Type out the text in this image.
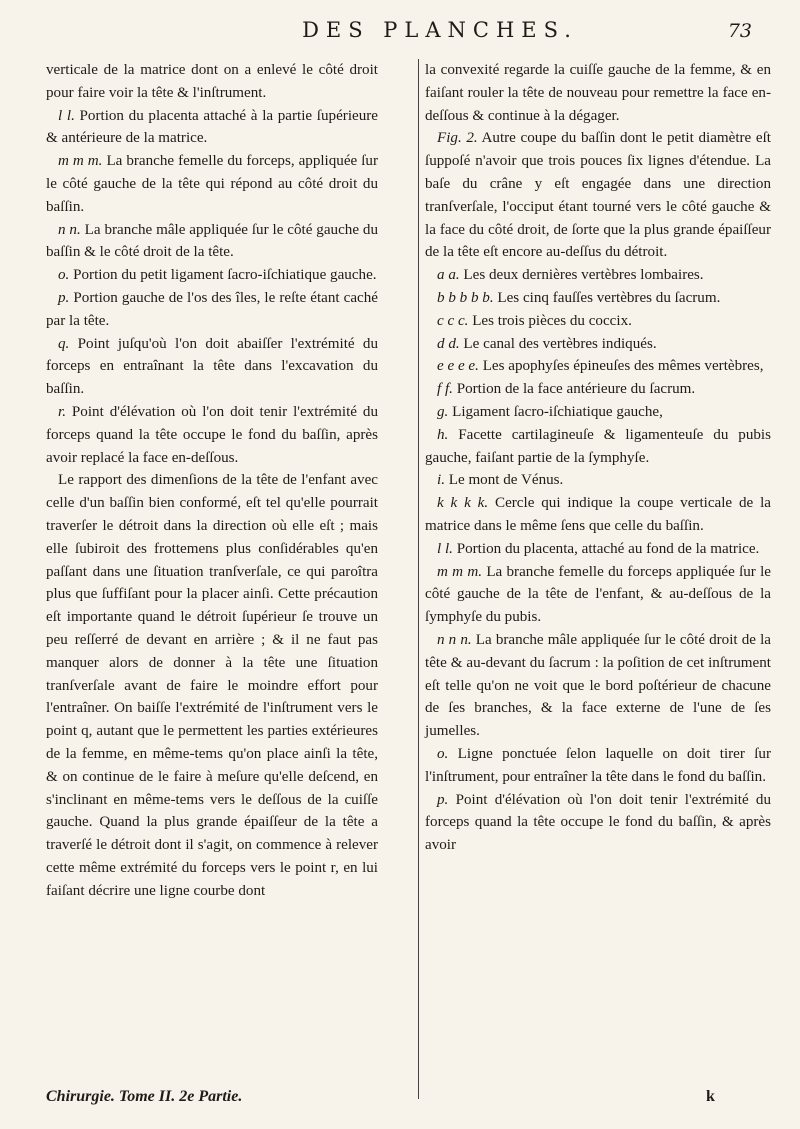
DES PLANCHES.	73

verticale de la matrice dont on a enlevé le côté droit pour faire voir la tête & l'inſtrument.

l l. Portion du placenta attaché à la partie ſupérieure & antérieure de la matrice.

m m m. La branche femelle du forceps, appliquée ſur le côté gauche de la tête qui répond au côté droit du baſſin.

n n. La branche mâle appliquée ſur le côté gauche du baſſin & le côté droit de la tête.

o. Portion du petit ligament ſacro-iſchiatique gauche.

p. Portion gauche de l'os des îles, le reſte étant caché par la tête.

q. Point juſqu'où l'on doit abaiſſer l'extrémité du forceps en entraînant la tête dans l'excavation du baſſin.

r. Point d'élévation où l'on doit tenir l'extrémité du forceps quand la tête occupe le fond du baſſin, après avoir replacé la face en-deſſous.

Le rapport des dimenſions de la tête de l'enfant avec celle d'un baſſin bien conformé, eſt tel qu'elle pourrait traverſer le détroit dans la direction où elle eſt ; mais elle ſubiroit des frottemens plus conſidérables qu'en paſſant dans une ſituation tranſverſale, ce qui paroîtra plus que ſuffiſant pour la placer ainſi. Cette précaution eſt importante quand le détroit ſupérieur ſe trouve un peu reſſerré de devant en arrière ; & il ne faut pas manquer alors de donner à la tête une ſituation tranſverſale avant de faire le moindre effort pour l'entraîner. On baiſſe l'extrémité de l'inſtrument vers le point q, autant que le permettent les parties extérieures de la femme, en même-tems qu'on place ainſi la tête, & on continue de le faire à meſure qu'elle deſcend, en s'inclinant en même-tems vers le deſſous de la cuiſſe gauche. Quand la plus grande épaiſſeur de la tête a traverſé le détroit dont il s'agit, on commence à relever cette même extrémité du forceps vers le point r, en lui faiſant décrire une ligne courbe dont

la convexité regarde la cuiſſe gauche de la femme, & en faiſant rouler la tête de nouveau pour remettre la face en-deſſous & continue à la dégager.

Fig. 2. Autre coupe du baſſin dont le petit diamètre eſt ſuppoſé n'avoir que trois pouces ſix lignes d'étendue. La baſe du crâne y eſt engagée dans une direction tranſverſale, l'occiput étant tourné vers le côté gauche & la face du côté droit, de ſorte que la plus grande épaiſſeur de la tête eſt encore au-deſſus du détroit.

a a. Les deux dernières vertèbres lombaires.

b b b b b. Les cinq fauſſes vertèbres du ſacrum.

c c c. Les trois pièces du coccix.

d d. Le canal des vertèbres indiqués.

e e e e. Les apophyſes épineuſes des mêmes vertèbres,

f f. Portion de la face antérieure du ſacrum.

g. Ligament ſacro-iſchiatique gauche,

h. Facette cartilagineuſe & ligamenteuſe du pubis gauche, faiſant partie de la ſymphyſe.

i. Le mont de Vénus.

k k k k. Cercle qui indique la coupe verticale de la matrice dans le même ſens que celle du baſſin.

l l. Portion du placenta, attaché au fond de la matrice.

m m m. La branche femelle du forceps appliquée ſur le côté gauche de la tête de l'enfant, & au-deſſous de la ſymphyſe du pubis.

n n n. La branche mâle appliquée ſur le côté droit de la tête & au-devant du ſacrum : la poſition de cet inſtrument eſt telle qu'on ne voit que le bord poſtérieur de chacune de ſes branches, & la face externe de l'une de ſes jumelles.

o. Ligne ponctuée ſelon laquelle on doit tirer ſur l'inſtrument, pour entraîner la tête dans le fond du baſſin.

p. Point d'élévation où l'on doit tenir l'extrémité du forceps quand la tête occupe le fond du baſſin, & après avoir

Chirurgie. Tome II. 2e Partie.	k
